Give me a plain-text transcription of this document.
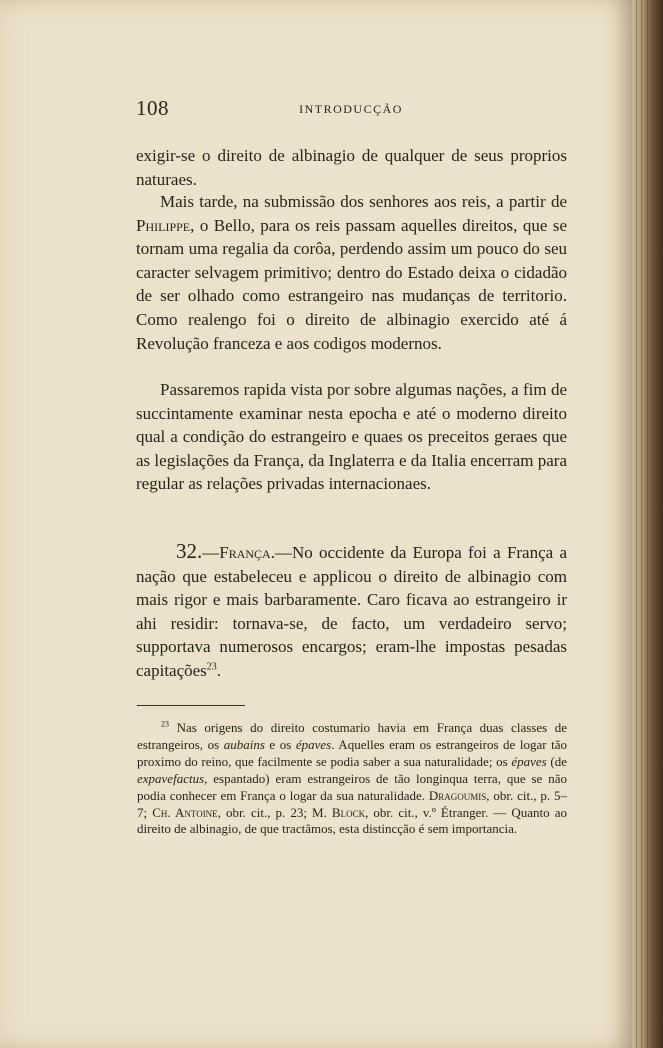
108	INTRODUCÇÃO

exigir-se o direito de albinagio de qualquer de seus proprios naturaes.

Mais tarde, na submissão dos senhores aos reis, a partir de Philippe, o Bello, para os reis passam aquelles direitos, que se tornam uma regalia da corôa, perdendo assim um pouco do seu caracter selvagem primitivo; dentro do Estado deixa o cidadão de ser olhado como estrangeiro nas mudanças de territorio. Como realengo foi o direito de albinagio exercido até á Revolução franceza e aos codigos modernos.

Passaremos rapida vista por sobre algumas nações, a fim de succintamente examinar nesta epocha e até o moderno direito qual a condição do estrangeiro e quaes os preceitos geraes que as legislações da França, da Inglaterra e da Italia encerram para regular as relações privadas internacionaes.

32.—França.—No occidente da Europa foi a França a nação que estabeleceu e applicou o direito de albinagio com mais rigor e mais barbaramente. Caro ficava ao estrangeiro ir ahi residir: tornava-se, de facto, um verdadeiro servo; supportava numerosos encargos; eram-lhe impostas pesadas capitações$^{23}$.

$^{23}$ Nas origens do direito costumario havia em França duas classes de estrangeiros, os aubains e os épaves. Aquelles eram os estrangeiros de logar tão proximo do reino, que facilmente se podia saber a sua naturalidade; os épaves (de expavefactus, espantado) eram estrangeiros de tão longinqua terra, que se não podia conhecer em França o logar da sua naturalidade. Dragoumis, obr. cit., p. 5–7; Ch. Antoine, obr. cit., p. 23; M. Block, obr. cit., v.º Étranger. — Quanto ao direito de albinagio, de que tractâmos, esta distincção é sem importancia.
